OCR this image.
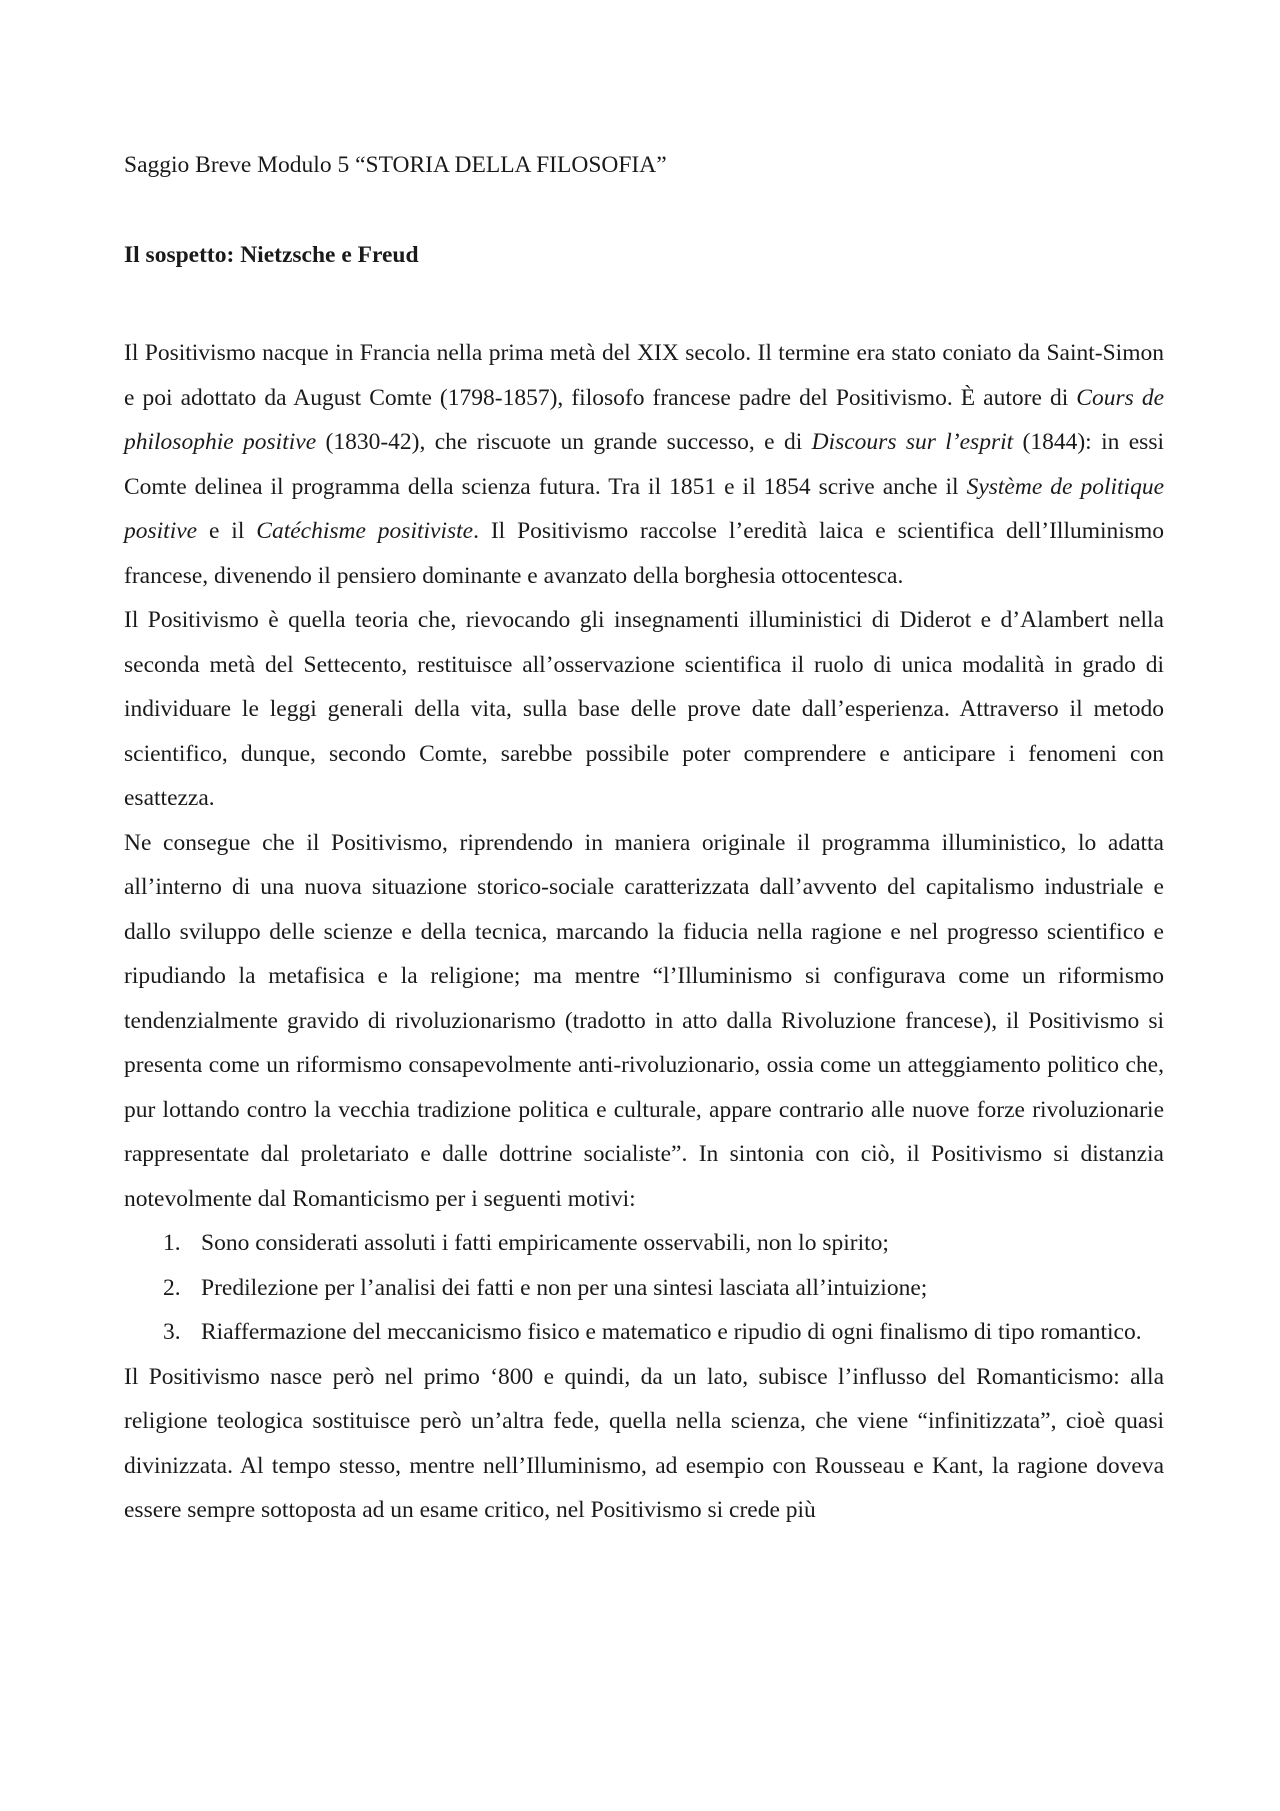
Saggio Breve Modulo 5 “STORIA DELLA FILOSOFIA”

Il sospetto: Nietzsche e Freud

Il Positivismo nacque in Francia nella prima metà del XIX secolo. Il termine era stato coniato da Saint-Simon e poi adottato da August Comte (1798-1857), filosofo francese padre del Positivismo. È autore di Cours de philosophie positive (1830-42), che riscuote un grande successo, e di Discours sur l’esprit (1844): in essi Comte delinea il programma della scienza futura. Tra il 1851 e il 1854 scrive anche il Système de politique positive e il Catéchisme positiviste. Il Positivismo raccolse l’eredità laica e scientifica dell’Illuminismo francese, divenendo il pensiero dominante e avanzato della borghesia ottocentesca.

Il Positivismo è quella teoria che, rievocando gli insegnamenti illuministici di Diderot e d’Alambert nella seconda metà del Settecento, restituisce all’osservazione scientifica il ruolo di unica modalità in grado di individuare le leggi generali della vita, sulla base delle prove date dall’esperienza. Attraverso il metodo scientifico, dunque, secondo Comte, sarebbe possibile poter comprendere e anticipare i fenomeni con esattezza.

Ne consegue che il Positivismo, riprendendo in maniera originale il programma illuministico, lo adatta all’interno di una nuova situazione storico-sociale caratterizzata dall’avvento del capitalismo industriale e dallo sviluppo delle scienze e della tecnica, marcando la fiducia nella ragione e nel progresso scientifico e ripudiando la metafisica e la religione; ma mentre “l’Illuminismo si configurava come un riformismo tendenzialmente gravido di rivoluzionarismo (tradotto in atto dalla Rivoluzione francese), il Positivismo si presenta come un riformismo consapevolmente anti-rivoluzionario, ossia come un atteggiamento politico che, pur lottando contro la vecchia tradizione politica e culturale, appare contrario alle nuove forze rivoluzionarie rappresentate dal proletariato e dalle dottrine socialiste”. In sintonia con ciò, il Positivismo si distanzia notevolmente dal Romanticismo per i seguenti motivi:

Sono considerati assoluti i fatti empiricamente osservabili, non lo spirito;
Predilezione per l’analisi dei fatti e non per una sintesi lasciata all’intuizione;
Riaffermazione del meccanicismo fisico e matematico e ripudio di ogni finalismo di tipo romantico.

Il Positivismo nasce però nel primo ‘800 e quindi, da un lato, subisce l’influsso del Romanticismo: alla religione teologica sostituisce però un’altra fede, quella nella scienza, che viene “infinitizzata”, cioè quasi divinizzata. Al tempo stesso, mentre nell’Illuminismo, ad esempio con Rousseau e Kant, la ragione doveva essere sempre sottoposta ad un esame critico, nel Positivismo si crede più
